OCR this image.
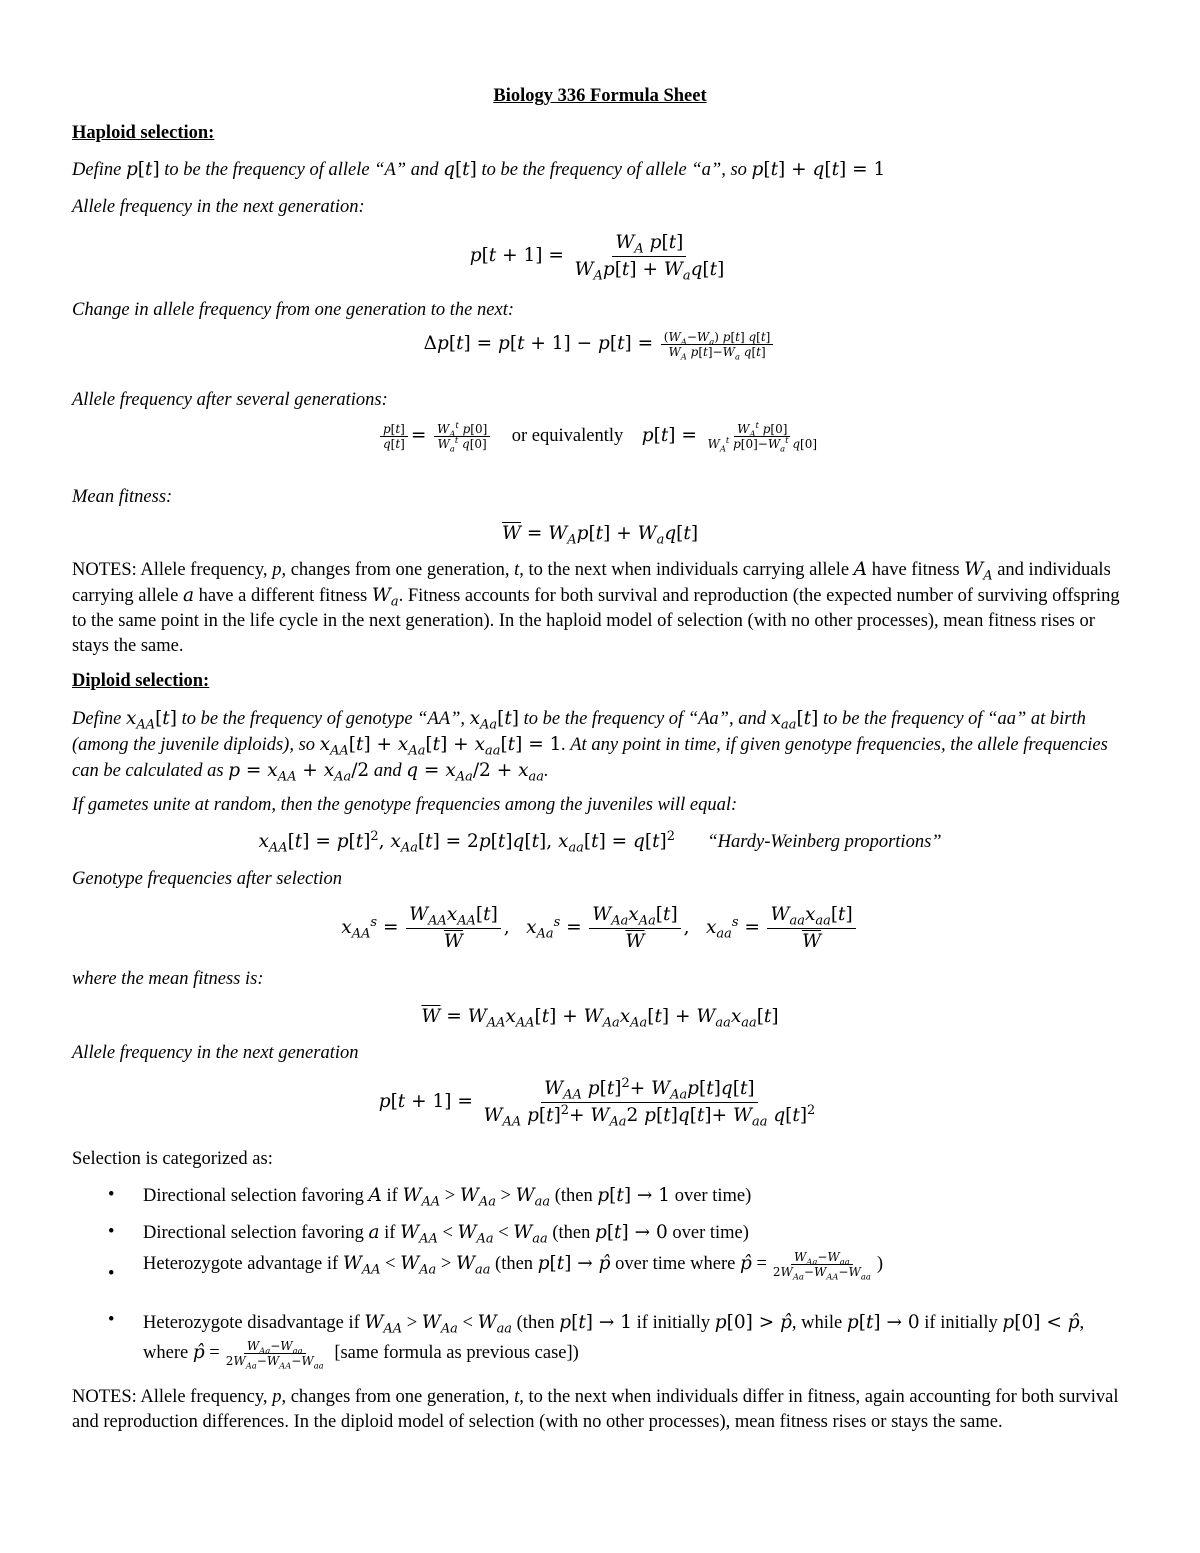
Biology 336 Formula Sheet
Haploid selection:
Define p[t] to be the frequency of allele “A” and q[t] to be the frequency of allele “a”, so p[t] + q[t] = 1
Allele frequency in the next generation:
$p[t + 1] = \frac{W_A p[t]}{W_Ap[t] + W_aq[t]}$
Change in allele frequency from one generation to the next:
$\Delta p[t] = p[t + 1] - p[t] = \frac{(W_A-W_a) p[t] q[t]}{W_A p[t]-W_a q[t]}$
Allele frequency after several generations:
$\frac{p[t]}{q[t]} = \frac{W_A^t p[0]}{W_a^t q[0]}$ or equivalently $p[t] = \frac{W_A^t p[0]}{W_A^t p[0]-W_a^t q[0]}$
Mean fitness:
$\overline{W} = W_Ap[t] + W_aq[t]$
NOTES: Allele frequency, p, changes from one generation, t, to the next when individuals carrying allele A have fitness $W_A$ and individuals carrying allele a have a different fitness $W_a$. Fitness accounts for both survival and reproduction (the expected number of surviving offspring to the same point in the life cycle in the next generation). In the haploid model of selection (with no other processes), mean fitness rises or stays the same.
Diploid selection:
Define $x_{AA}[t]$ to be the frequency of genotype “AA”, $x_{Aa}[t]$ to be the frequency of “Aa”, and $x_{aa}[t]$ to be the frequency of “aa” at birth (among the juvenile diploids), so $x_{AA}[t] + x_{Aa}[t] + x_{aa}[t] = 1$. At any point in time, if given genotype frequencies, the allele frequencies can be calculated as $p = x_{AA} + x_{Aa}/2$ and $q = x_{Aa}/2 + x_{aa}$.
If gametes unite at random, then the genotype frequencies among the juveniles will equal:
$x_{AA}[t] = p[t]^2$, $x_{Aa}[t] = 2p[t]q[t]$, $x_{aa}[t] = q[t]^2$ “Hardy-Weinberg proportions”
Genotype frequencies after selection
$x_{AA}^s = \frac{W_{AA}x_{AA}[t]}{W}$ ,   $x_{Aa}^s = \frac{W_{Aa}x_{Aa}[t]}{W}$ ,   $x_{aa}^s = \frac{W_{aa}x_{aa}[t]}{W}$
where the mean fitness is:
$\overline{W} = W_{AA}x_{AA}[t] + W_{Aa}x_{Aa}[t] + W_{aa}x_{aa}[t]$
Allele frequency in the next generation
$p[t + 1] = \frac{W_{AA} p[t]^2+ W_{Aa}p[t]q[t]}{W_{AA} p[t]^2+ W_{Aa}2 p[t]q[t]+ W_{aa} q[t]^2}$
Selection is categorized as:
• Directional selection favoring A if $W_{AA} > W_{Aa} > W_{aa}$ (then p[t] → 1 over time)
• Directional selection favoring a if $W_{AA} < W_{Aa} < W_{aa}$ (then p[t] → 0 over time)
•
Heterozygote advantage if $W_{AA} < W_{Aa} > W_{aa}$ (then p[t] → p̂ over time where p̂ = $\frac{W_{Aa}-W_{aa}}{2W_{Aa}-W_{AA}-W_{aa}}$ )
• Heterozygote disadvantage if $W_{AA} > W_{Aa} < W_{aa}$ (then p[t] → 1 if initially p[0] > p̂, while p[t] → 0 if initially p[0] < p̂, where p̂ = $\frac{W_{Aa}-W_{aa}}{2W_{Aa}-W_{AA}-W_{aa}}$ [same formula as previous case])
NOTES: Allele frequency, p, changes from one generation, t, to the next when individuals differ in fitness, again accounting for both survival and reproduction differences. In the diploid model of selection (with no other processes), mean fitness rises or stays the same.
